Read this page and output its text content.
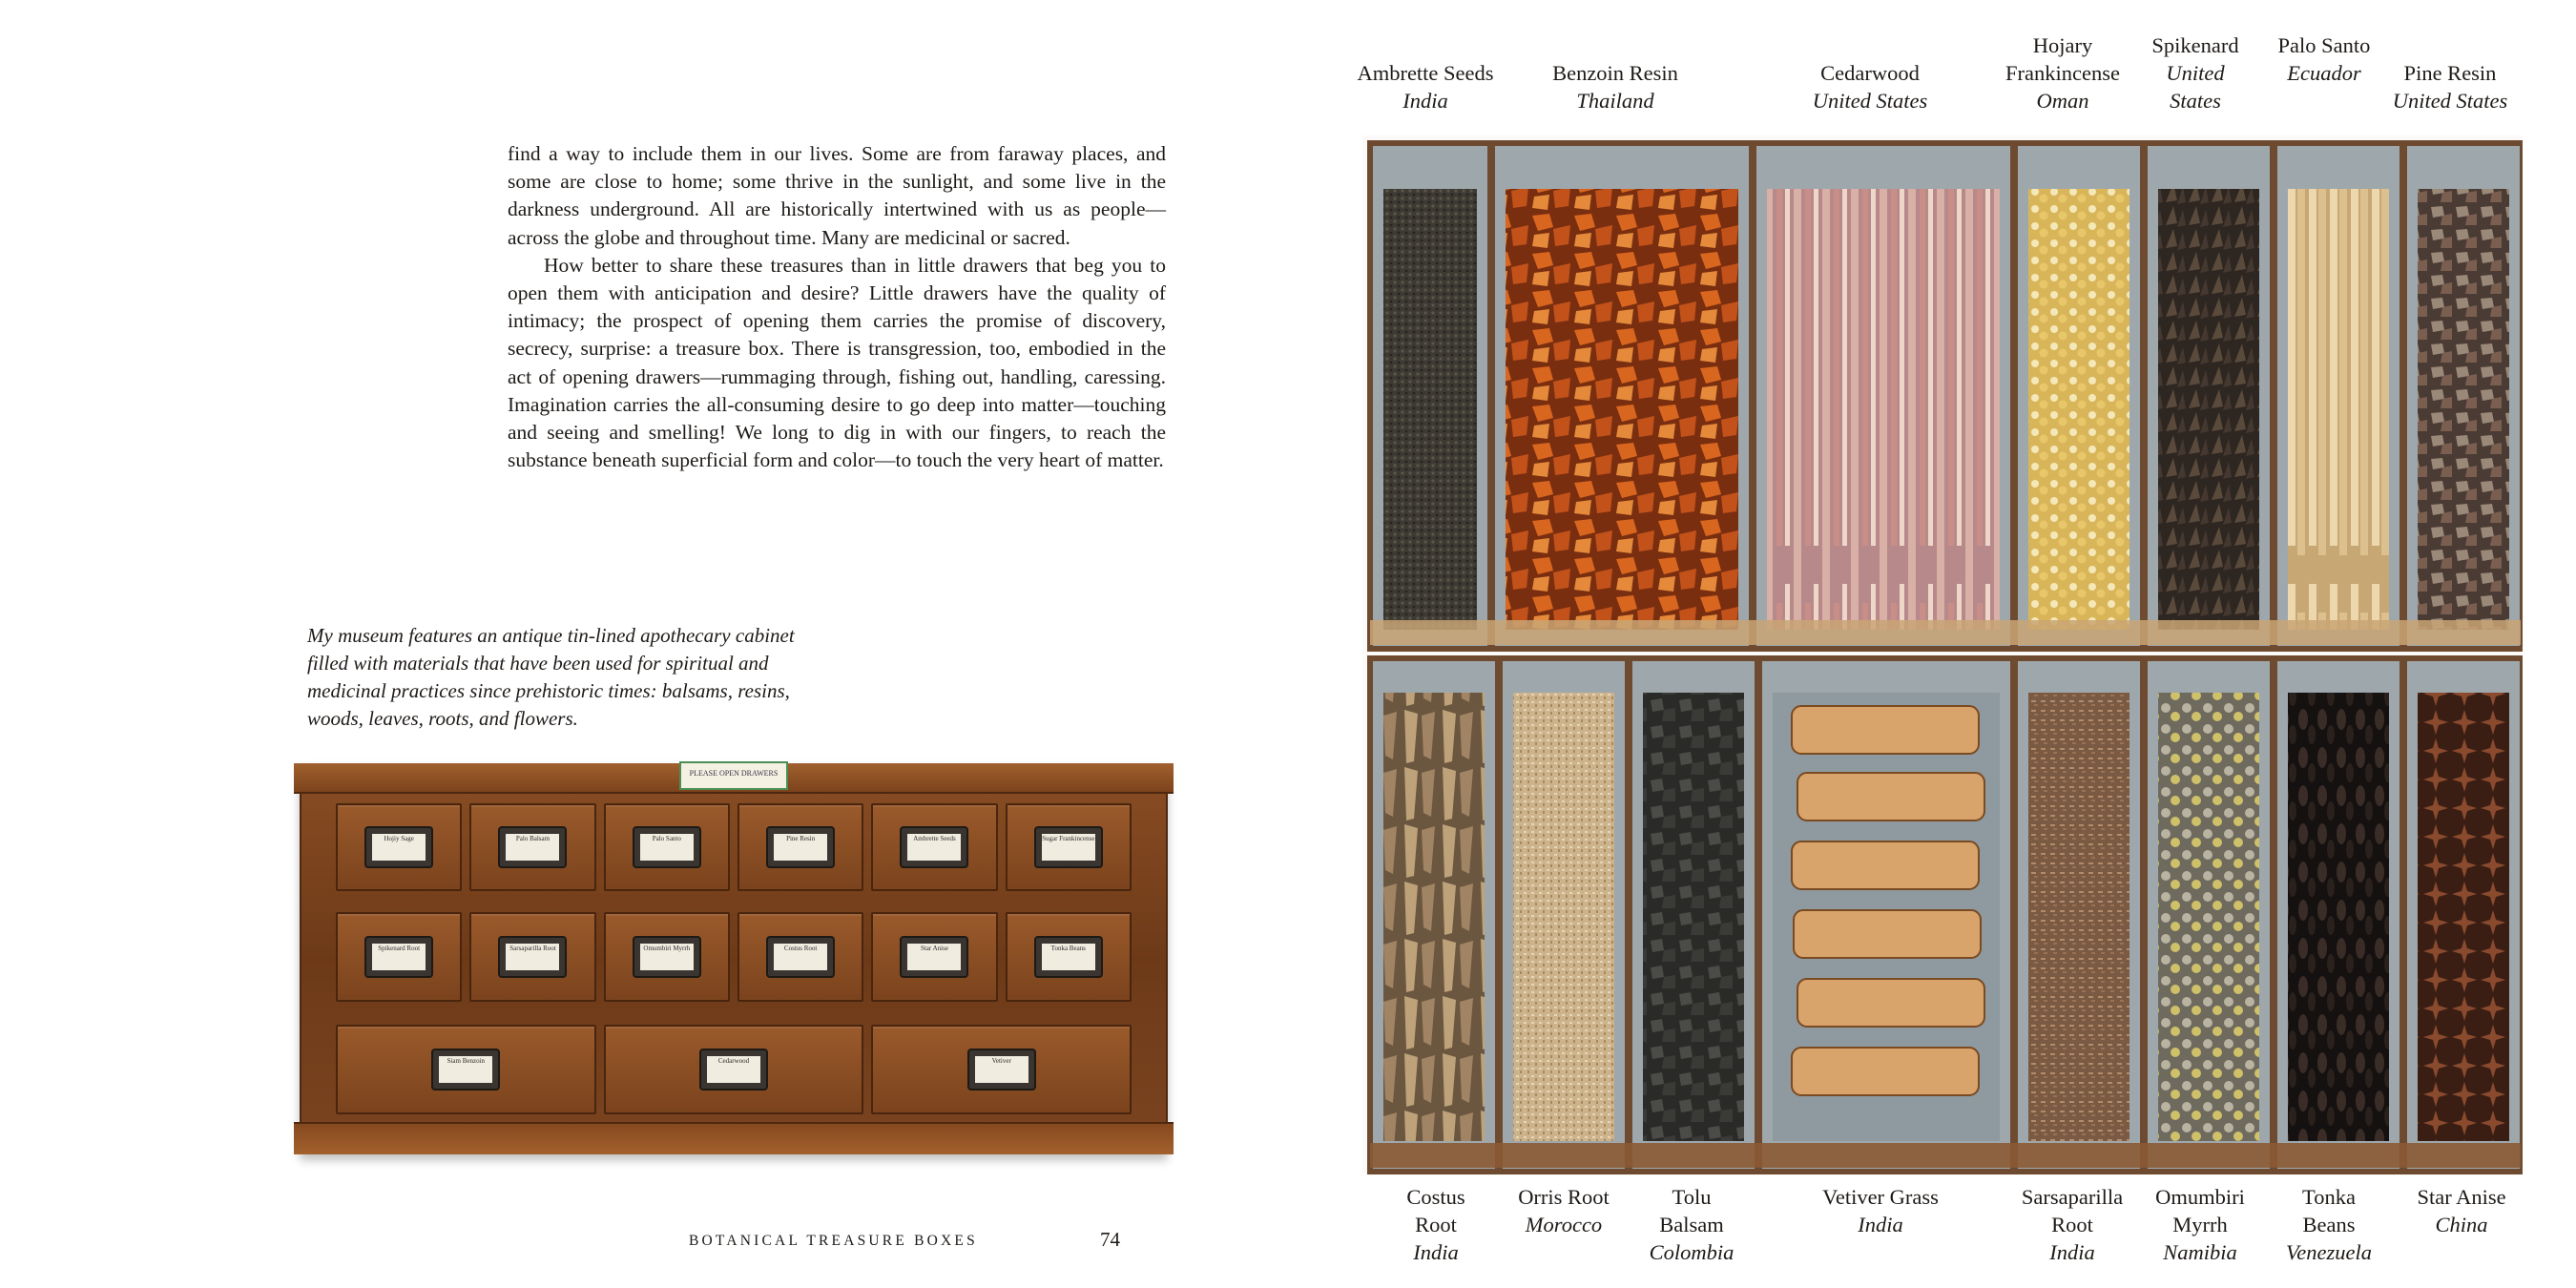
find a way to include them in our lives. Some are from faraway places, and some are close to home; some thrive in the sunlight, and some live in the darkness underground. All are historically intertwined with us as people—across the globe and throughout time. Many are medicinal or sacred.

How better to share these treasures than in little drawers that beg you to open them with anticipation and desire? Little drawers have the quality of intimacy; the prospect of opening them carries the promise of discovery, secrecy, surprise: a treasure box. There is transgression, too, embodied in the act of opening drawers—rummaging through, fishing out, handling, caressing. Imagination carries the all-consuming desire to go deep into matter—touching and seeing and smelling! We long to dig in with our fingers, to reach the substance beneath superficial form and color—to touch the very heart of matter.

My museum features an antique tin-lined apothecary cabinet filled with materials that have been used for spiritual and medicinal practices since prehistoric times: balsams, resins, woods, leaves, roots, and flowers.
PLEASE OPEN DRAWERS
Hojiy Sage	Palo Balsam	Palo Santo	Pine Resin	Ambrette Seeds	Sugar Frankincense
Spikenard Root	Sarsaparilla Root	Omumbiri Myrrh	Costus Root	Star Anise	Tonka Beans
Siam Benzoin	Cedarwood	Vetiver
BOTANICAL TREASURE BOXES	74
Ambrette Seeds
India
Benzoin Resin
Thailand
Cedarwood
United States
Hojary Frankincense
Oman
Spikenard
United States
Palo Santo
Ecuador	Pine Resin
United States
Costus Root
India
Orris Root
Morocco
Tolu Balsam
Colombia
Vetiver Grass
India
Sarsaparilla Root
India
Omumbiri Myrrh
Namibia
Tonka Beans
Venezuela
Star Anise
China
